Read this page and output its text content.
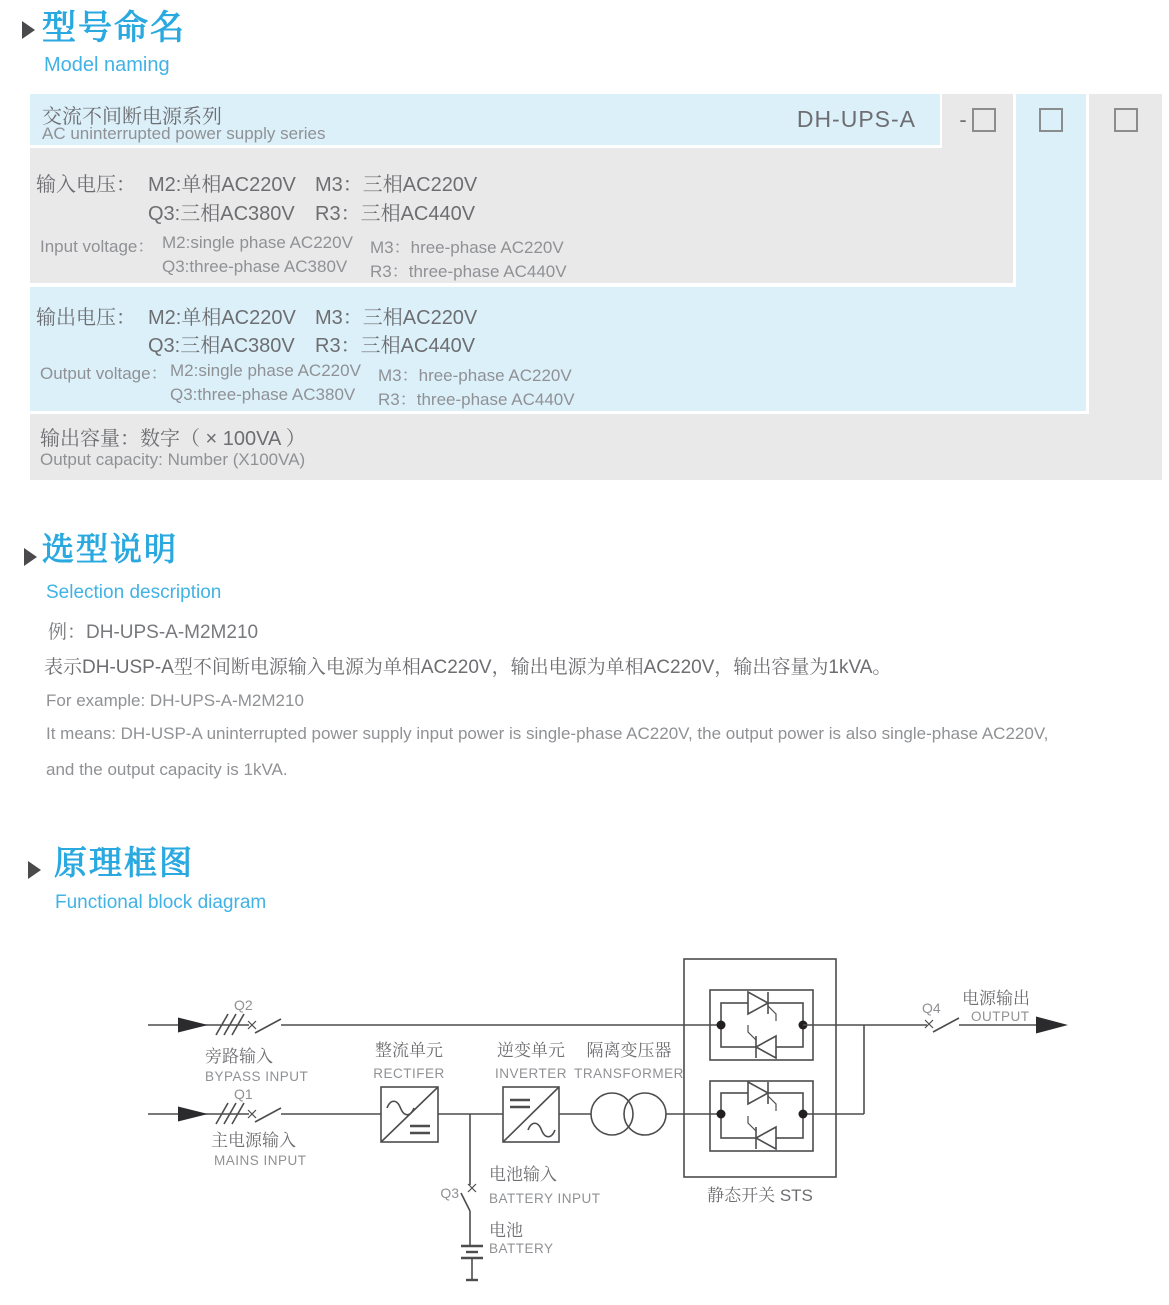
型号命名
Model naming
交流不间断电源系列
AC uninterrupted power supply series
DH-UPS-A -
输入电压： M2:单相AC220V M3：三相AC220V
Q3:三相AC380V R3：三相AC440V
Input voltage： M2:single phase AC220V M3：hree-phase AC220V
Q3:three-phase AC380V R3：three-phase AC440V
输出电压： M2:单相AC220V M3：三相AC220V
Q3:三相AC380V R3：三相AC440V
Output voltage： M2:single phase AC220V M3：hree-phase AC220V
Q3:three-phase AC380V R3：three-phase AC440V
输出容量：数字（ × 100VA ）
Output capacity: Number (X100VA)
选型说明
Selection description
例：DH-UPS-A-M2M210
表示DH-USP-A型不间断电源输入电源为单相AC220V，输出电源为单相AC220V，输出容量为1kVA。
For example: DH-UPS-A-M2M210
It means: DH-USP-A uninterrupted power supply input power is single-phase AC220V, the output power is also single-phase AC220V,
and the output capacity is 1kVA.
原理框图
Functional block diagram
Q2
旁路输入
BYPASS INPUT
Q1
主电源输入
MAINS INPUT
整流单元
RECTIFER
逆变单元
INVERTER
隔离变压器
TRANSFORMER
电池输入
BATTERY INPUT
Q3
电池
BATTERY
静态开关 STS
Q4 电源输出
OUTPUT
